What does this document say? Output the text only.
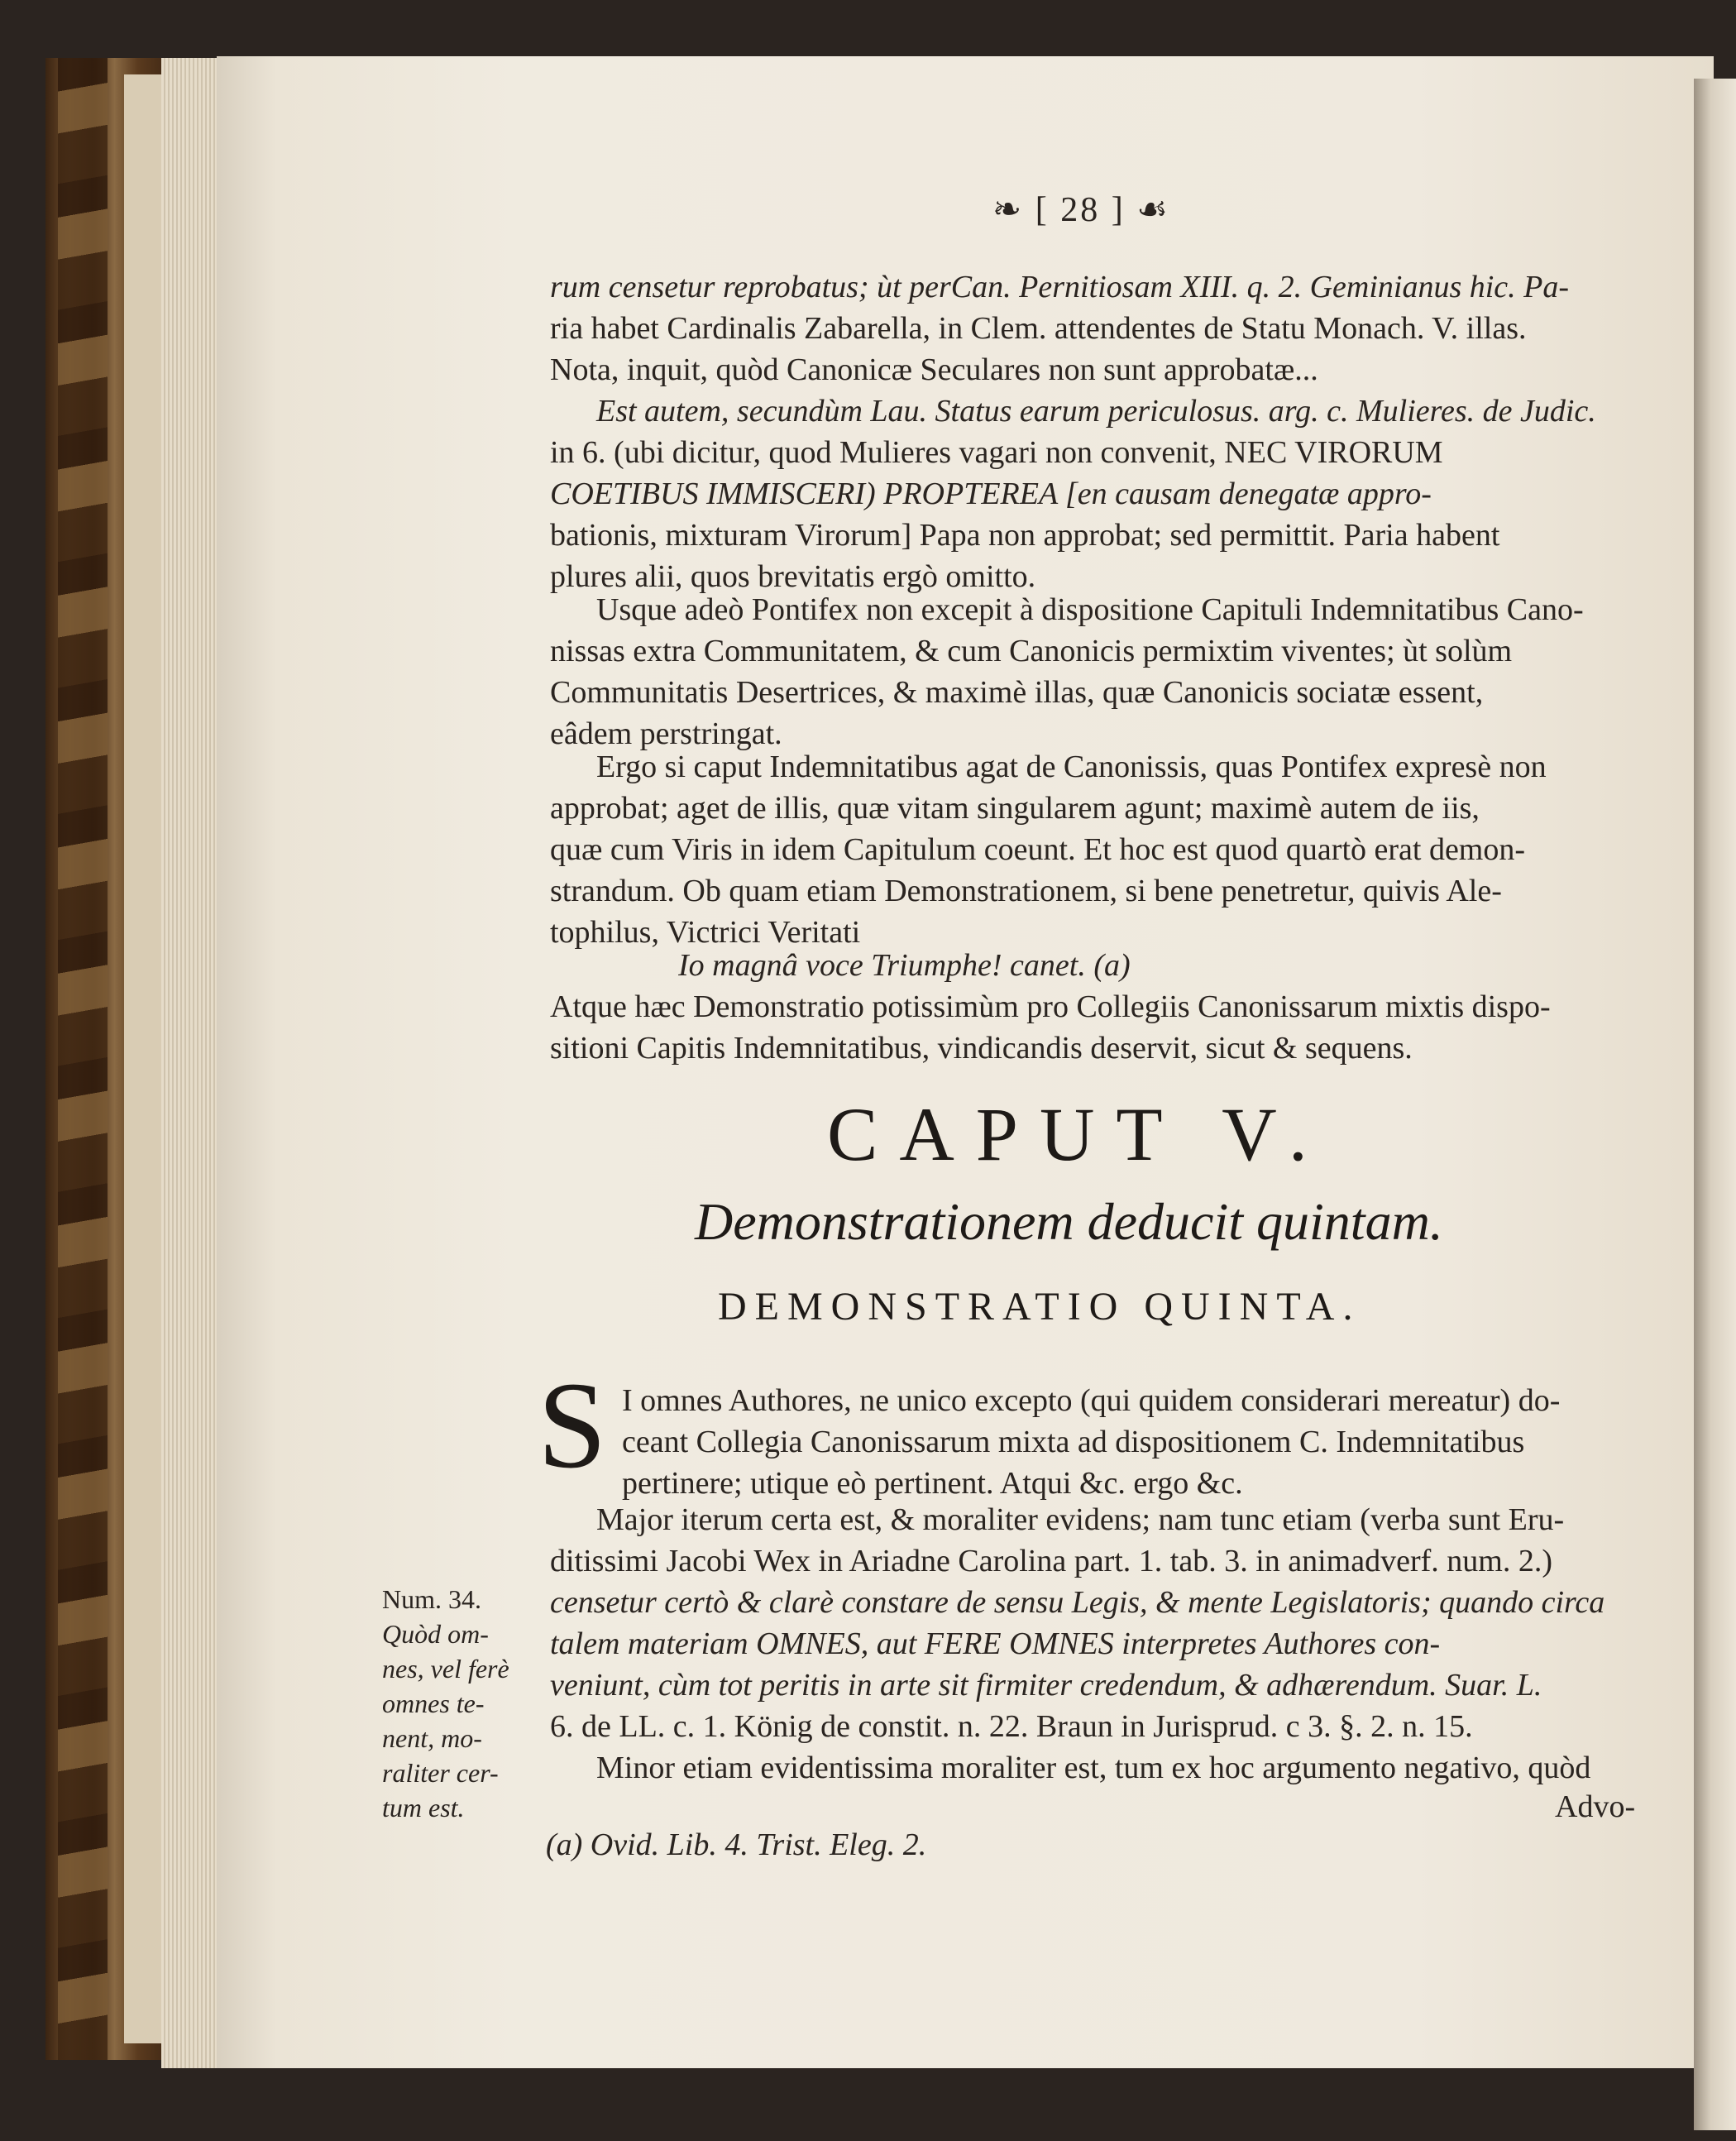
❧ [ 28 ] ☙
rum censetur reprobatus; ùt perCan. Pernitiosam XIII. q. 2. Geminianus hic. Pa-
ria habet Cardinalis Zabarella, in Clem. attendentes de Statu Monach. V. illas.
Nota, inquit, quòd Canonicæ Seculares non sunt approbatæ...
Est autem, secundùm Lau. Status earum periculosus. arg. c. Mulieres. de Judic.
in 6. (ubi dicitur, quod Mulieres vagari non convenit, NEC VIRORUM
COETIBUS IMMISCERI) PROPTEREA [en causam denegatæ appro-
bationis, mixturam Virorum] Papa non approbat; sed permittit. Paria habent
plures alii, quos brevitatis ergò omitto.
Usque adeò Pontifex non excepit à dispositione Capituli Indemnitatibus Cano-
nissas extra Communitatem, & cum Canonicis permixtim viventes; ùt solùm
Communitatis Desertrices, & maximè illas, quæ Canonicis sociatæ essent,
eâdem perstringat.
Ergo si caput Indemnitatibus agat de Canonissis, quas Pontifex expresè non
approbat; aget de illis, quæ vitam singularem agunt; maximè autem de iis,
quæ cum Viris in idem Capitulum coeunt. Et hoc est quod quartò erat demon-
strandum. Ob quam etiam Demonstrationem, si bene penetretur, quivis Ale-
tophilus, Victrici Veritati
Io magnâ voce Triumphe! canet. (a)
Atque hæc Demonstratio potissimùm pro Collegiis Canonissarum mixtis dispo-
sitioni Capitis Indemnitatibus, vindicandis deservit, sicut & sequens.
CAPUT V.
Demonstrationem deducit quintam.
DEMONSTRATIO QUINTA.
S I omnes Authores, ne unico excepto (qui quidem considerari mereatur) do-
ceant Collegia Canonissarum mixta ad dispositionem C. Indemnitatibus
pertinere; utique eò pertinent. Atqui &c. ergo &c.
Major iterum certa est, & moraliter evidens; nam tunc etiam (verba sunt Eru-
ditissimi Jacobi Wex in Ariadne Carolina part. 1. tab. 3. in animadverf. num. 2.)
censetur certò & clarè constare de sensu Legis, & mente Legislatoris; quando circa
talem materiam OMNES, aut FERE OMNES interpretes Authores con-
veniunt, cùm tot peritis in arte sit firmiter credendum, & adhærendum. Suar. L.
6. de LL. c. 1. König de constit. n. 22. Braun in Jurisprud. c 3. §. 2. n. 15.
Minor etiam evidentissima moraliter est, tum ex hoc argumento negativo, quòd
Advo-
(a) Ovid. Lib. 4. Trist. Eleg. 2.
Num. 34.
Quòd om-
nes, vel ferè
omnes te-
nent, mo-
raliter cer-
tum est.
